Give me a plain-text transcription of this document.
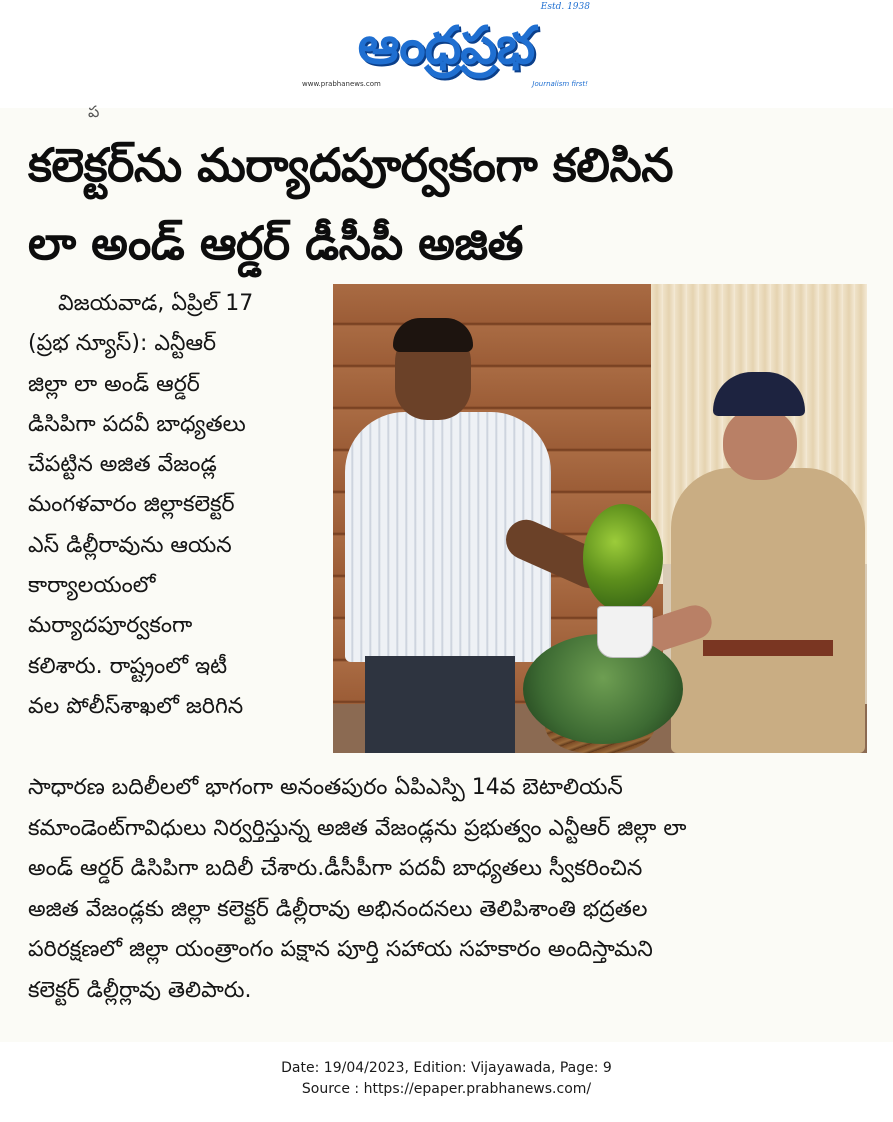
ఆంధ్రప్రభ
Estd. 1938
www.prabhanews.com	Journalism first!
ప
కలెక్టర్‌ను మర్యాదపూర్వకంగా కలిసిన
లా అండ్ ఆర్డర్ డీసీపీ అజిత
విజయవాడ, ఏప్రిల్ 17
(ప్రభ న్యూస్): ఎన్టీఆర్
జిల్లా లా అండ్ ఆర్డర్
డిసిపిగా పదవీ బాధ్యతలు
చేపట్టిన అజిత వేజండ్ల
మంగళవారం జిల్లాకలెక్టర్
ఎస్ డిల్లీరావును ఆయన
కార్యాలయంలో
మర్యాదపూర్వకంగా
కలిశారు. రాష్ట్రంలో ఇటీ
వల పోలీస్‌శాఖలో జరిగిన
సాధారణ బదిలీలలో భాగంగా అనంతపురం ఏపిఎస్పి 14వ బెటాలియన్
కమాండెంట్‌గావిధులు నిర్వర్తిస్తున్న అజిత వేజండ్లను ప్రభుత్వం ఎన్టీఆర్ జిల్లా లా
అండ్ ఆర్డర్ డిసిపిగా బదిలీ చేశారు.డీసీపీగా పదవీ బాధ్యతలు స్వీకరించిన
అజిత వేజండ్లకు జిల్లా కలెక్టర్ డిల్లీరావు అభినందనలు తెలిపిశాంతి భద్రతల
పరిరక్షణలో జిల్లా యంత్రాంగం పక్షాన పూర్తి సహాయ సహకారం అందిస్తామని
కలెక్టర్ డిల్లీర్లావు తెలిపారు.
Date: 19/04/2023, Edition: Vijayawada, Page: 9
Source : https://epaper.prabhanews.com/
